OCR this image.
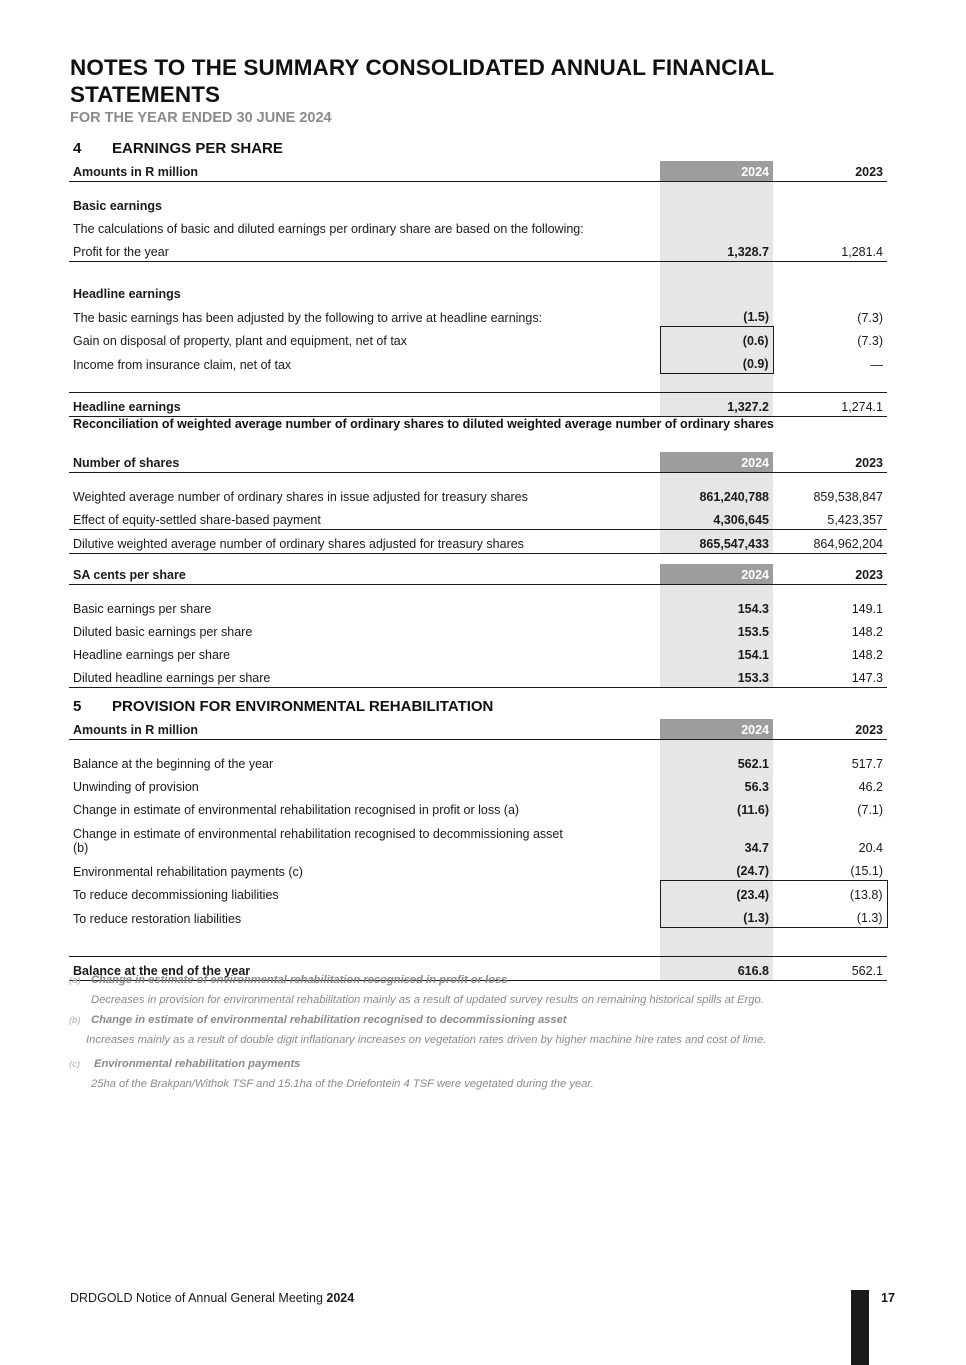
NOTES TO THE SUMMARY CONSOLIDATED ANNUAL FINANCIAL STATEMENTS
FOR THE YEAR ENDED 30 JUNE 2024
4 EARNINGS PER SHARE
Amounts in R million	2024	2023

Basic earnings		
The calculations of basic and diluted earnings per ordinary share are based on the following:		
Profit for the year	1,328.7	1,281.4

Headline earnings		
The basic earnings has been adjusted by the following to arrive at headline earnings:	(1.5)	(7.3)
Gain on disposal of property, plant and equipment, net of tax	(0.6)	(7.3)
Income from insurance claim, net of tax	(0.9)	—

Headline earnings	1,327.2	1,274.1
Reconciliation of weighted average number of ordinary shares to diluted weighted average number of ordinary shares
Number of shares	2024	2023

Weighted average number of ordinary shares in issue adjusted for treasury shares	861,240,788	859,538,847
Effect of equity-settled share-based payment	4,306,645	5,423,357
Dilutive weighted average number of ordinary shares adjusted for treasury shares	865,547,433	864,962,204
SA cents per share	2024	2023

Basic earnings per share	154.3	149.1
Diluted basic earnings per share	153.5	148.2
Headline earnings per share	154.1	148.2
Diluted headline earnings per share	153.3	147.3
5 PROVISION FOR ENVIRONMENTAL REHABILITATION
Amounts in R million	2024	2023

Balance at the beginning of the year	562.1	517.7
Unwinding of provision	56.3	46.2
Change in estimate of environmental rehabilitation recognised in profit or loss (a)	(11.6)	(7.1)
Change in estimate of environmental rehabilitation recognised to decommissioning asset (b)	34.7	20.4
Environmental rehabilitation payments (c)	(24.7)	(15.1)
To reduce decommissioning liabilities	(23.4)	(13.8)
To reduce restoration liabilities	(1.3)	(1.3)

Balance at the end of the year	616.8	562.1
(a) Change in estimate of environmental rehabilitation recognised in profit or loss
Decreases in provision for environmental rehabilitation mainly as a result of updated survey results on remaining historical spills at Ergo.
(b) Change in estimate of environmental rehabilitation recognised to decommissioning asset
Increases mainly as a result of double digit inflationary increases on vegetation rates driven by higher machine hire rates and cost of lime.
(c) Environmental rehabilitation payments
25ha of the Brakpan/Withok TSF and 15.1ha of the Driefontein 4 TSF were vegetated during the year.
DRDGOLD Notice of Annual General Meeting 2024	17
